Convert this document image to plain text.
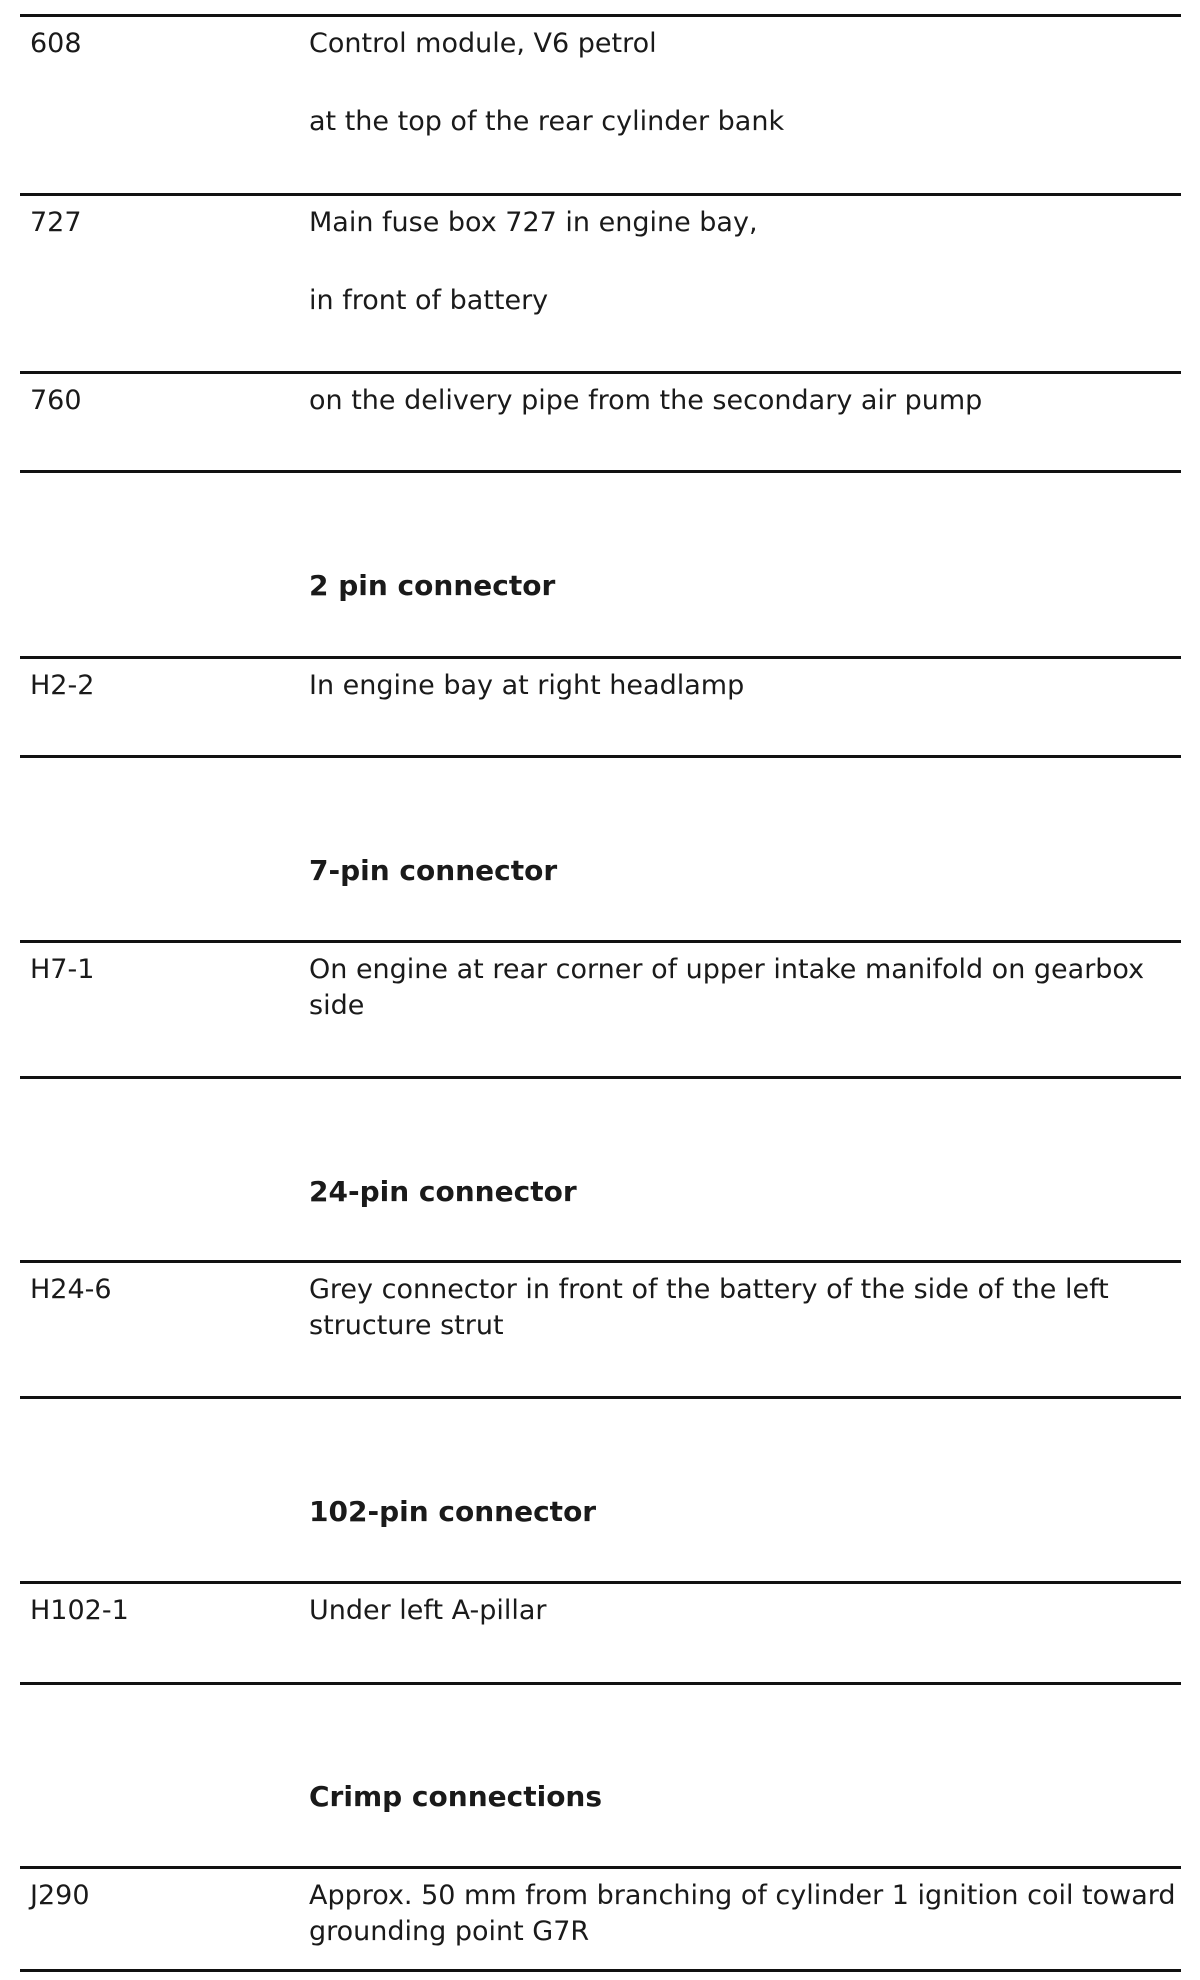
608	Control module, V6 petrol

at the top of the rear cylinder bank

727	Main fuse box 727 in engine bay,

in front of battery

760	on the delivery pipe from the secondary air pump

2 pin connector
H2-2	In engine bay at right headlamp

7-pin connector
H7-1	On engine at rear corner of upper intake manifold on gearbox side

24-pin connector
H24-6	Grey connector in front of the battery of the side of the left structure strut

102-pin connector
H102-1	Under left A-pillar

Crimp connections
J290	Approx. 50 mm from branching of cylinder 1 ignition coil toward grounding point G7R
